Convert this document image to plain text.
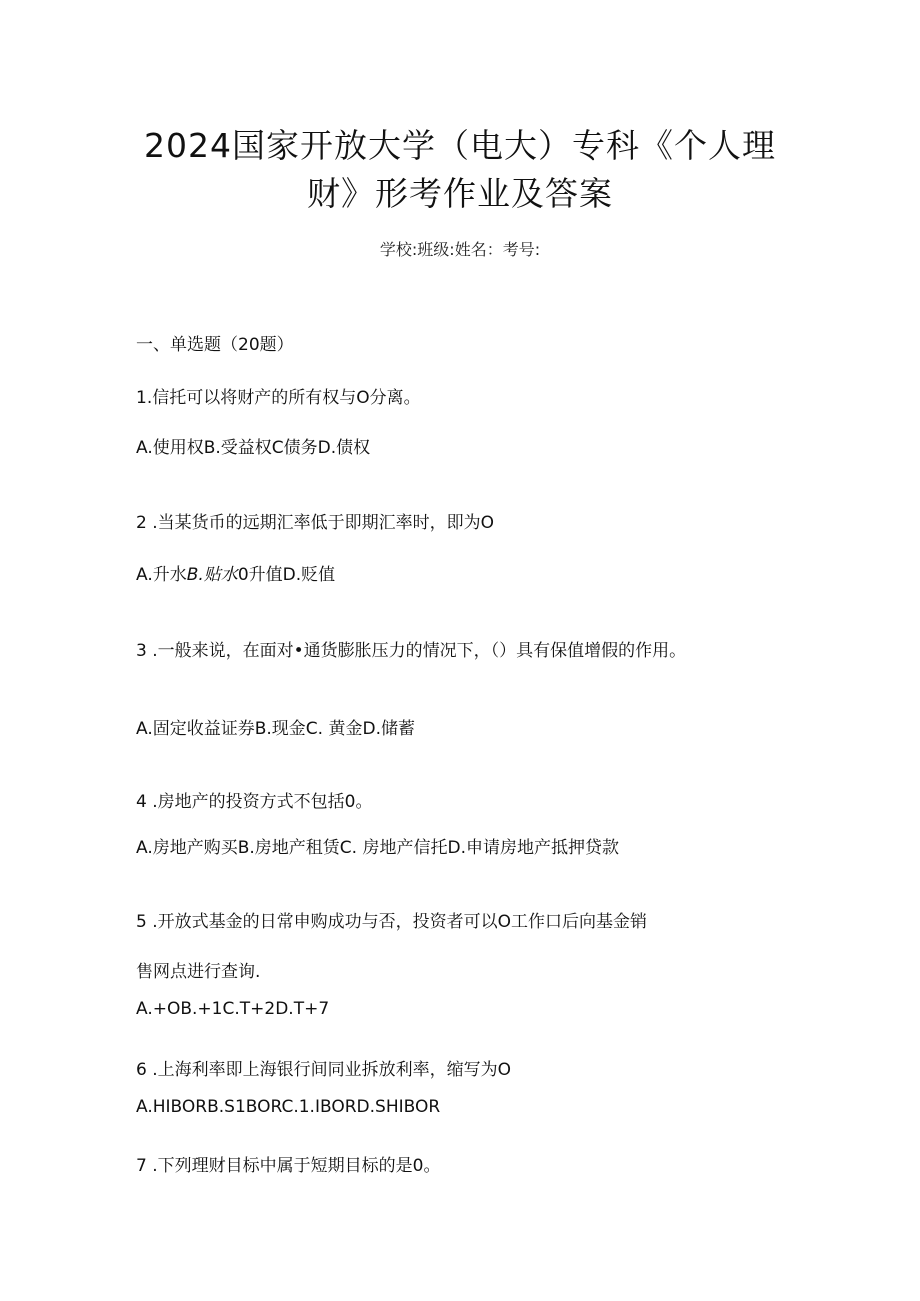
2024国家开放大学（电大）专科《个人理
财》形考作业及答案
学校:班级:姓名：考号:
一、单选题（20题）
1.信托可以将财产的所有权与O分离。
A.使用权B.受益权C债务D.债权
2 .当某货币的远期汇率低于即期汇率时，即为O
A.升水B.贴水0升值D.贬值
3 .一般来说，在面对•通货膨胀压力的情况下，（）具有保值增假的作用。
A.固定收益证券B.现金C. 黄金D.储蓄
4 .房地产的投资方式不包括0。
A.房地产购买B.房地产租赁C. 房地产信托D.申请房地产抵押贷款
5 .开放式基金的日常申购成功与否，投资者可以O工作口后向基金销
售网点进行查询.
A.+OB.+1C.T+2D.T+7
6 .上海利率即上海银行间同业拆放利率，缩写为O
A.HIBORB.S1BORC.1.IBORD.SHIBOR
7 .下列理财目标中属于短期目标的是0。
